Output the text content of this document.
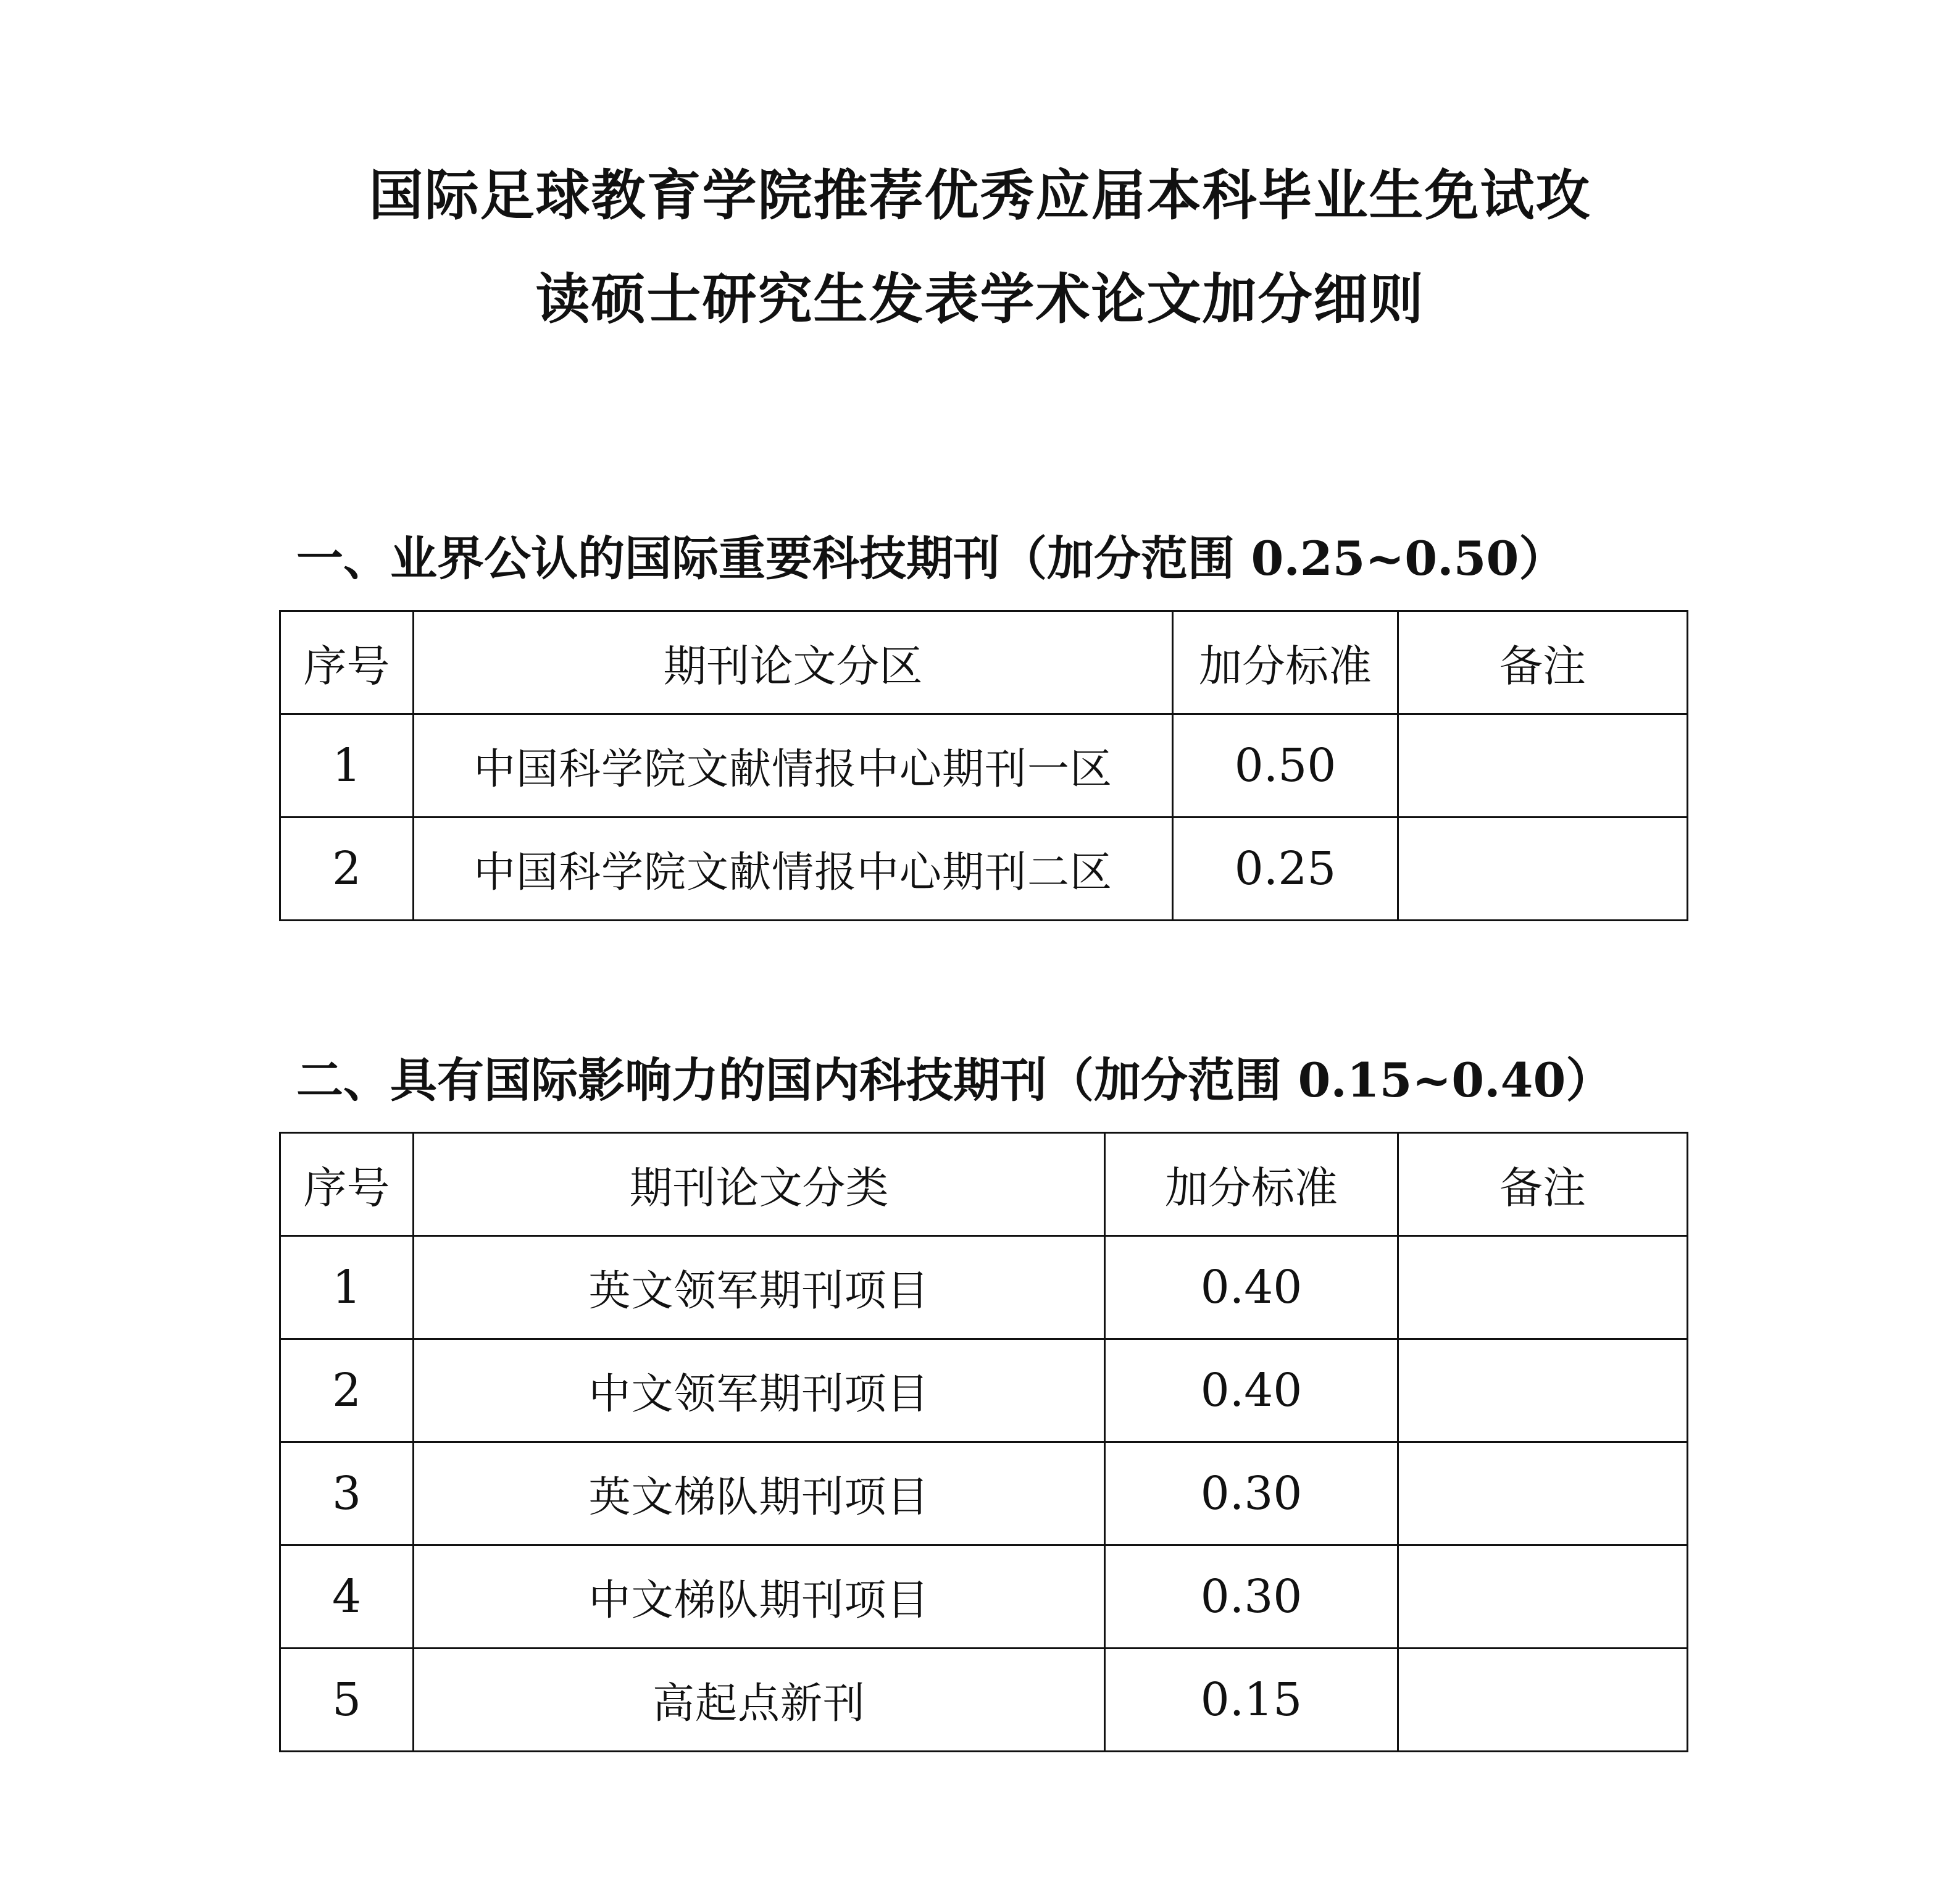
国际足球教育学院推荐优秀应届本科毕业生免试攻
读硕士研究生发表学术论文加分细则
一、业界公认的国际重要科技期刊（加分范围 0.25~0.50）
序号	期刊论文分区	加分标准	备注
1	中国科学院文献情报中心期刊一区	0.50	
2	中国科学院文献情报中心期刊二区	0.25	
二、具有国际影响力的国内科技期刊（加分范围 0.15~0.40）
序号	期刊论文分类	加分标准	备注
1	英文领军期刊项目	0.40	
2	中文领军期刊项目	0.40	
3	英文梯队期刊项目	0.30	
4	中文梯队期刊项目	0.30	
5	高起点新刊	0.15	
